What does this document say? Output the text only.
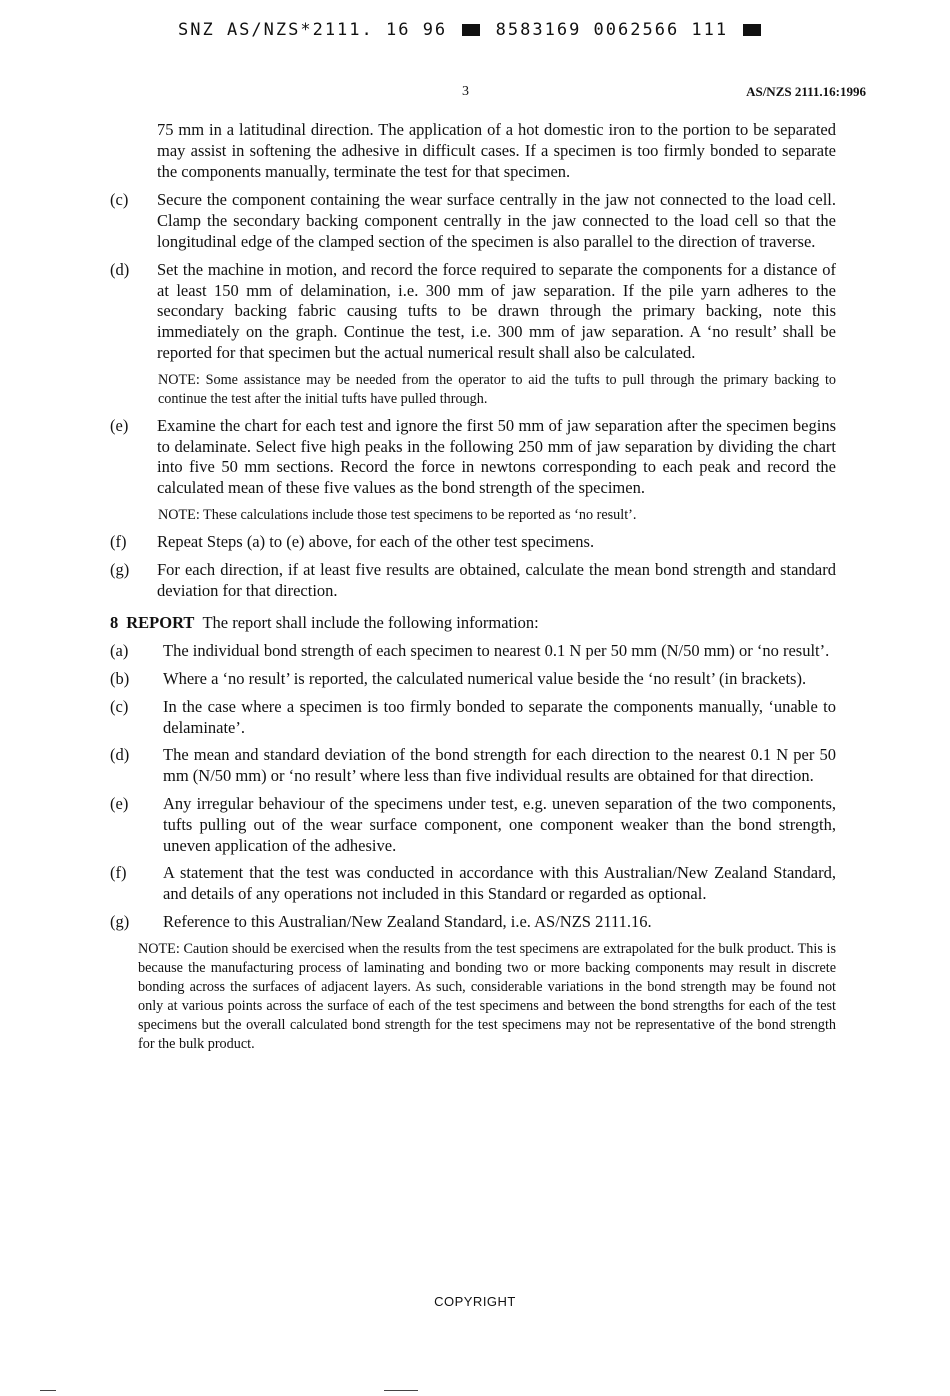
SNZ AS/NZS*2111. 16 96	8583169 0062566 111
3	AS/NZS 2111.16:1996

75 mm in a latitudinal direction. The application of a hot domestic iron to the portion to be separated may assist in softening the adhesive in difficult cases. If a specimen is too firmly bonded to separate the components manually, terminate the test for that specimen.

(c)	Secure the component containing the wear surface centrally in the jaw not connected to the load cell. Clamp the secondary backing component centrally in the jaw connected to the load cell so that the longitudinal edge of the clamped section of the specimen is also parallel to the direction of traverse.
(d)	Set the machine in motion, and record the force required to separate the components for a distance of at least 150 mm of delamination, i.e. 300 mm of jaw separation. If the pile yarn adheres to the secondary backing fabric causing tufts to be drawn through the primary backing, note this immediately on the graph. Continue the test, i.e. 300 mm of jaw separation. A ‘no result’ shall be reported for that specimen but the actual numerical result shall also be calculated.

NOTE: Some assistance may be needed from the operator to aid the tufts to pull through the primary backing to continue the test after the initial tufts have pulled through.

(e)	Examine the chart for each test and ignore the first 50 mm of jaw separation after the specimen begins to delaminate. Select five high peaks in the following 250 mm of jaw separation by dividing the chart into five 50 mm sections. Record the force in newtons corresponding to each peak and record the calculated mean of these five values as the bond strength of the specimen.

NOTE: These calculations include those test specimens to be reported as ‘no result’.

(f)	Repeat Steps (a) to (e) above, for each of the other test specimens.
(g)	For each direction, if at least five results are obtained, calculate the mean bond strength and standard deviation for that direction.
8 REPORT The report shall include the following information:
(a)	The individual bond strength of each specimen to nearest 0.1 N per 50 mm (N/50 mm) or ‘no result’.
(b)	Where a ‘no result’ is reported, the calculated numerical value beside the ‘no result’ (in brackets).
(c)	In the case where a specimen is too firmly bonded to separate the components manually, ‘unable to delaminate’.
(d)	The mean and standard deviation of the bond strength for each direction to the nearest 0.1 N per 50 mm (N/50 mm) or ‘no result’ where less than five individual results are obtained for that direction.
(e)	Any irregular behaviour of the specimens under test, e.g. uneven separation of the two components, tufts pulling out of the wear surface component, one component weaker than the bond strength, uneven application of the adhesive.
(f)	A statement that the test was conducted in accordance with this Australian/New Zealand Standard, and details of any operations not included in this Standard or regarded as optional.
(g)	Reference to this Australian/New Zealand Standard, i.e. AS/NZS 2111.16.

NOTE: Caution should be exercised when the results from the test specimens are extrapolated for the bulk product. This is because the manufacturing process of laminating and bonding two or more backing components may result in discrete bonding across the surfaces of adjacent layers. As such, considerable variations in the bond strength may be found not only at various points across the surface of each of the test specimens and between the bond strengths for each of the test specimens but the overall calculated bond strength for the test specimens may not be representative of the bond strength for the bulk product.

COPYRIGHT
